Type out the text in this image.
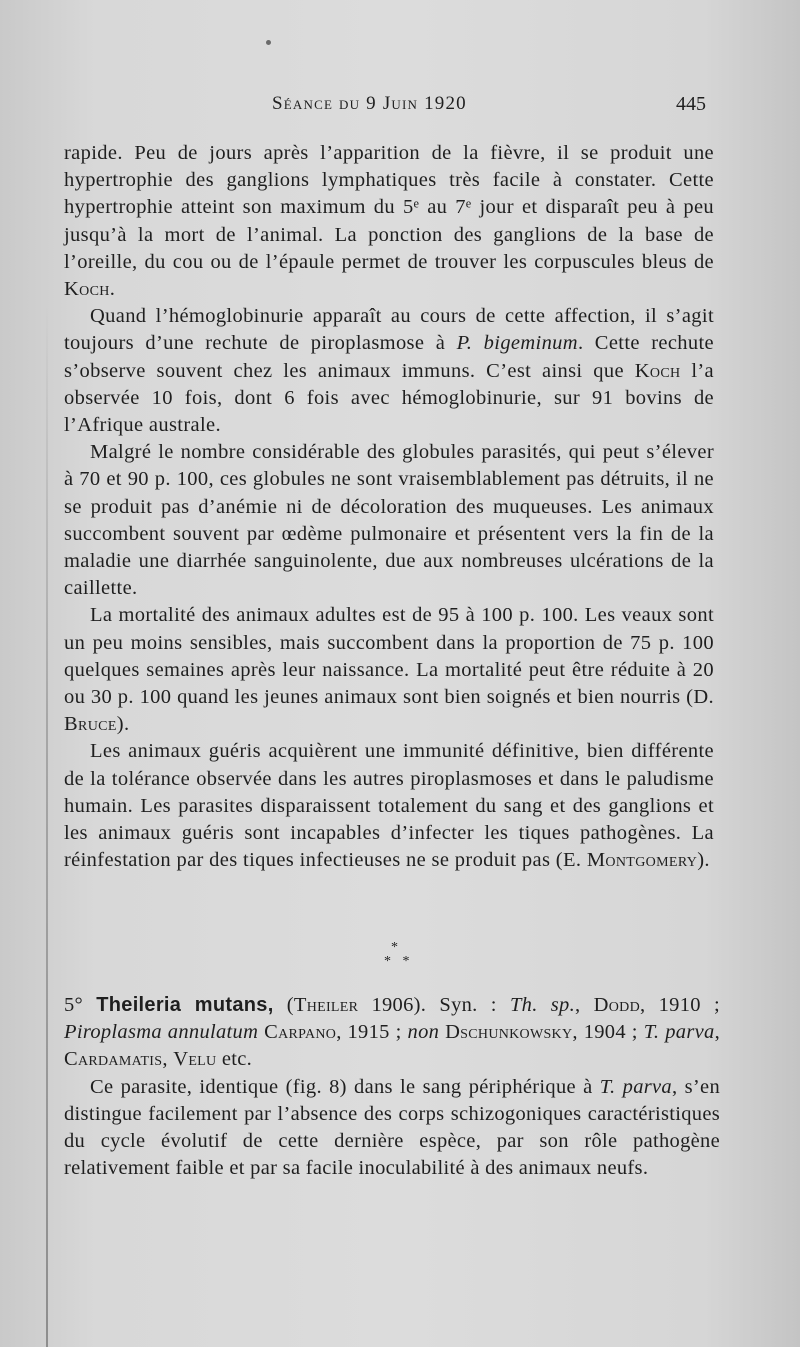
Séance du 9 Juin 1920	445

rapide. Peu de jours après l’apparition de la fièvre, il se produit une hypertrophie des ganglions lymphatiques très facile à constater. Cette hypertrophie atteint son maximum du 5ᵉ au 7ᵉ jour et disparaît peu à peu jusqu’à la mort de l’animal. La ponction des ganglions de la base de l’oreille, du cou ou de l’épaule permet de trouver les corpuscules bleus de Koch.

Quand l’hémoglobinurie apparaît au cours de cette affection, il s’agit toujours d’une rechute de piroplasmose à P. bigeminum. Cette rechute s’observe souvent chez les animaux immuns. C’est ainsi que Koch l’a observée 10 fois, dont 6 fois avec hémoglobinurie, sur 91 bovins de l’Afrique australe.

Malgré le nombre considérable des globules parasités, qui peut s’élever à 70 et 90 p. 100, ces globules ne sont vraisemblablement pas détruits, il ne se produit pas d’anémie ni de décoloration des muqueuses. Les animaux succombent souvent par œdème pulmonaire et présentent vers la fin de la maladie une diarrhée sanguinolente, due aux nombreuses ulcérations de la caillette.

La mortalité des animaux adultes est de 95 à 100 p. 100. Les veaux sont un peu moins sensibles, mais succombent dans la proportion de 75 p. 100 quelques semaines après leur naissance. La mortalité peut être réduite à 20 ou 30 p. 100 quand les jeunes animaux sont bien soignés et bien nourris (D. Bruce).

Les animaux guéris acquièrent une immunité définitive, bien différente de la tolérance observée dans les autres piroplasmoses et dans le paludisme humain. Les parasites disparaissent totalement du sang et des ganglions et les animaux guéris sont incapables d’infecter les tiques pathogènes. La réinfestation par des tiques infectieuses ne se produit pas (E. Montgomery).

*
* *

5° Theileria mutans, (Theiler 1906). Syn. : Th. sp., Dodd, 1910 ; Piroplasma annulatum Carpano, 1915 ; non Dschunkowsky, 1904 ; T. parva, Cardamatis, Velu etc.

Ce parasite, identique (fig. 8) dans le sang périphérique à T. parva, s’en distingue facilement par l’absence des corps schizogoniques caractéristiques du cycle évolutif de cette dernière espèce, par son rôle pathogène relativement faible et par sa facile inoculabilité à des animaux neufs.
